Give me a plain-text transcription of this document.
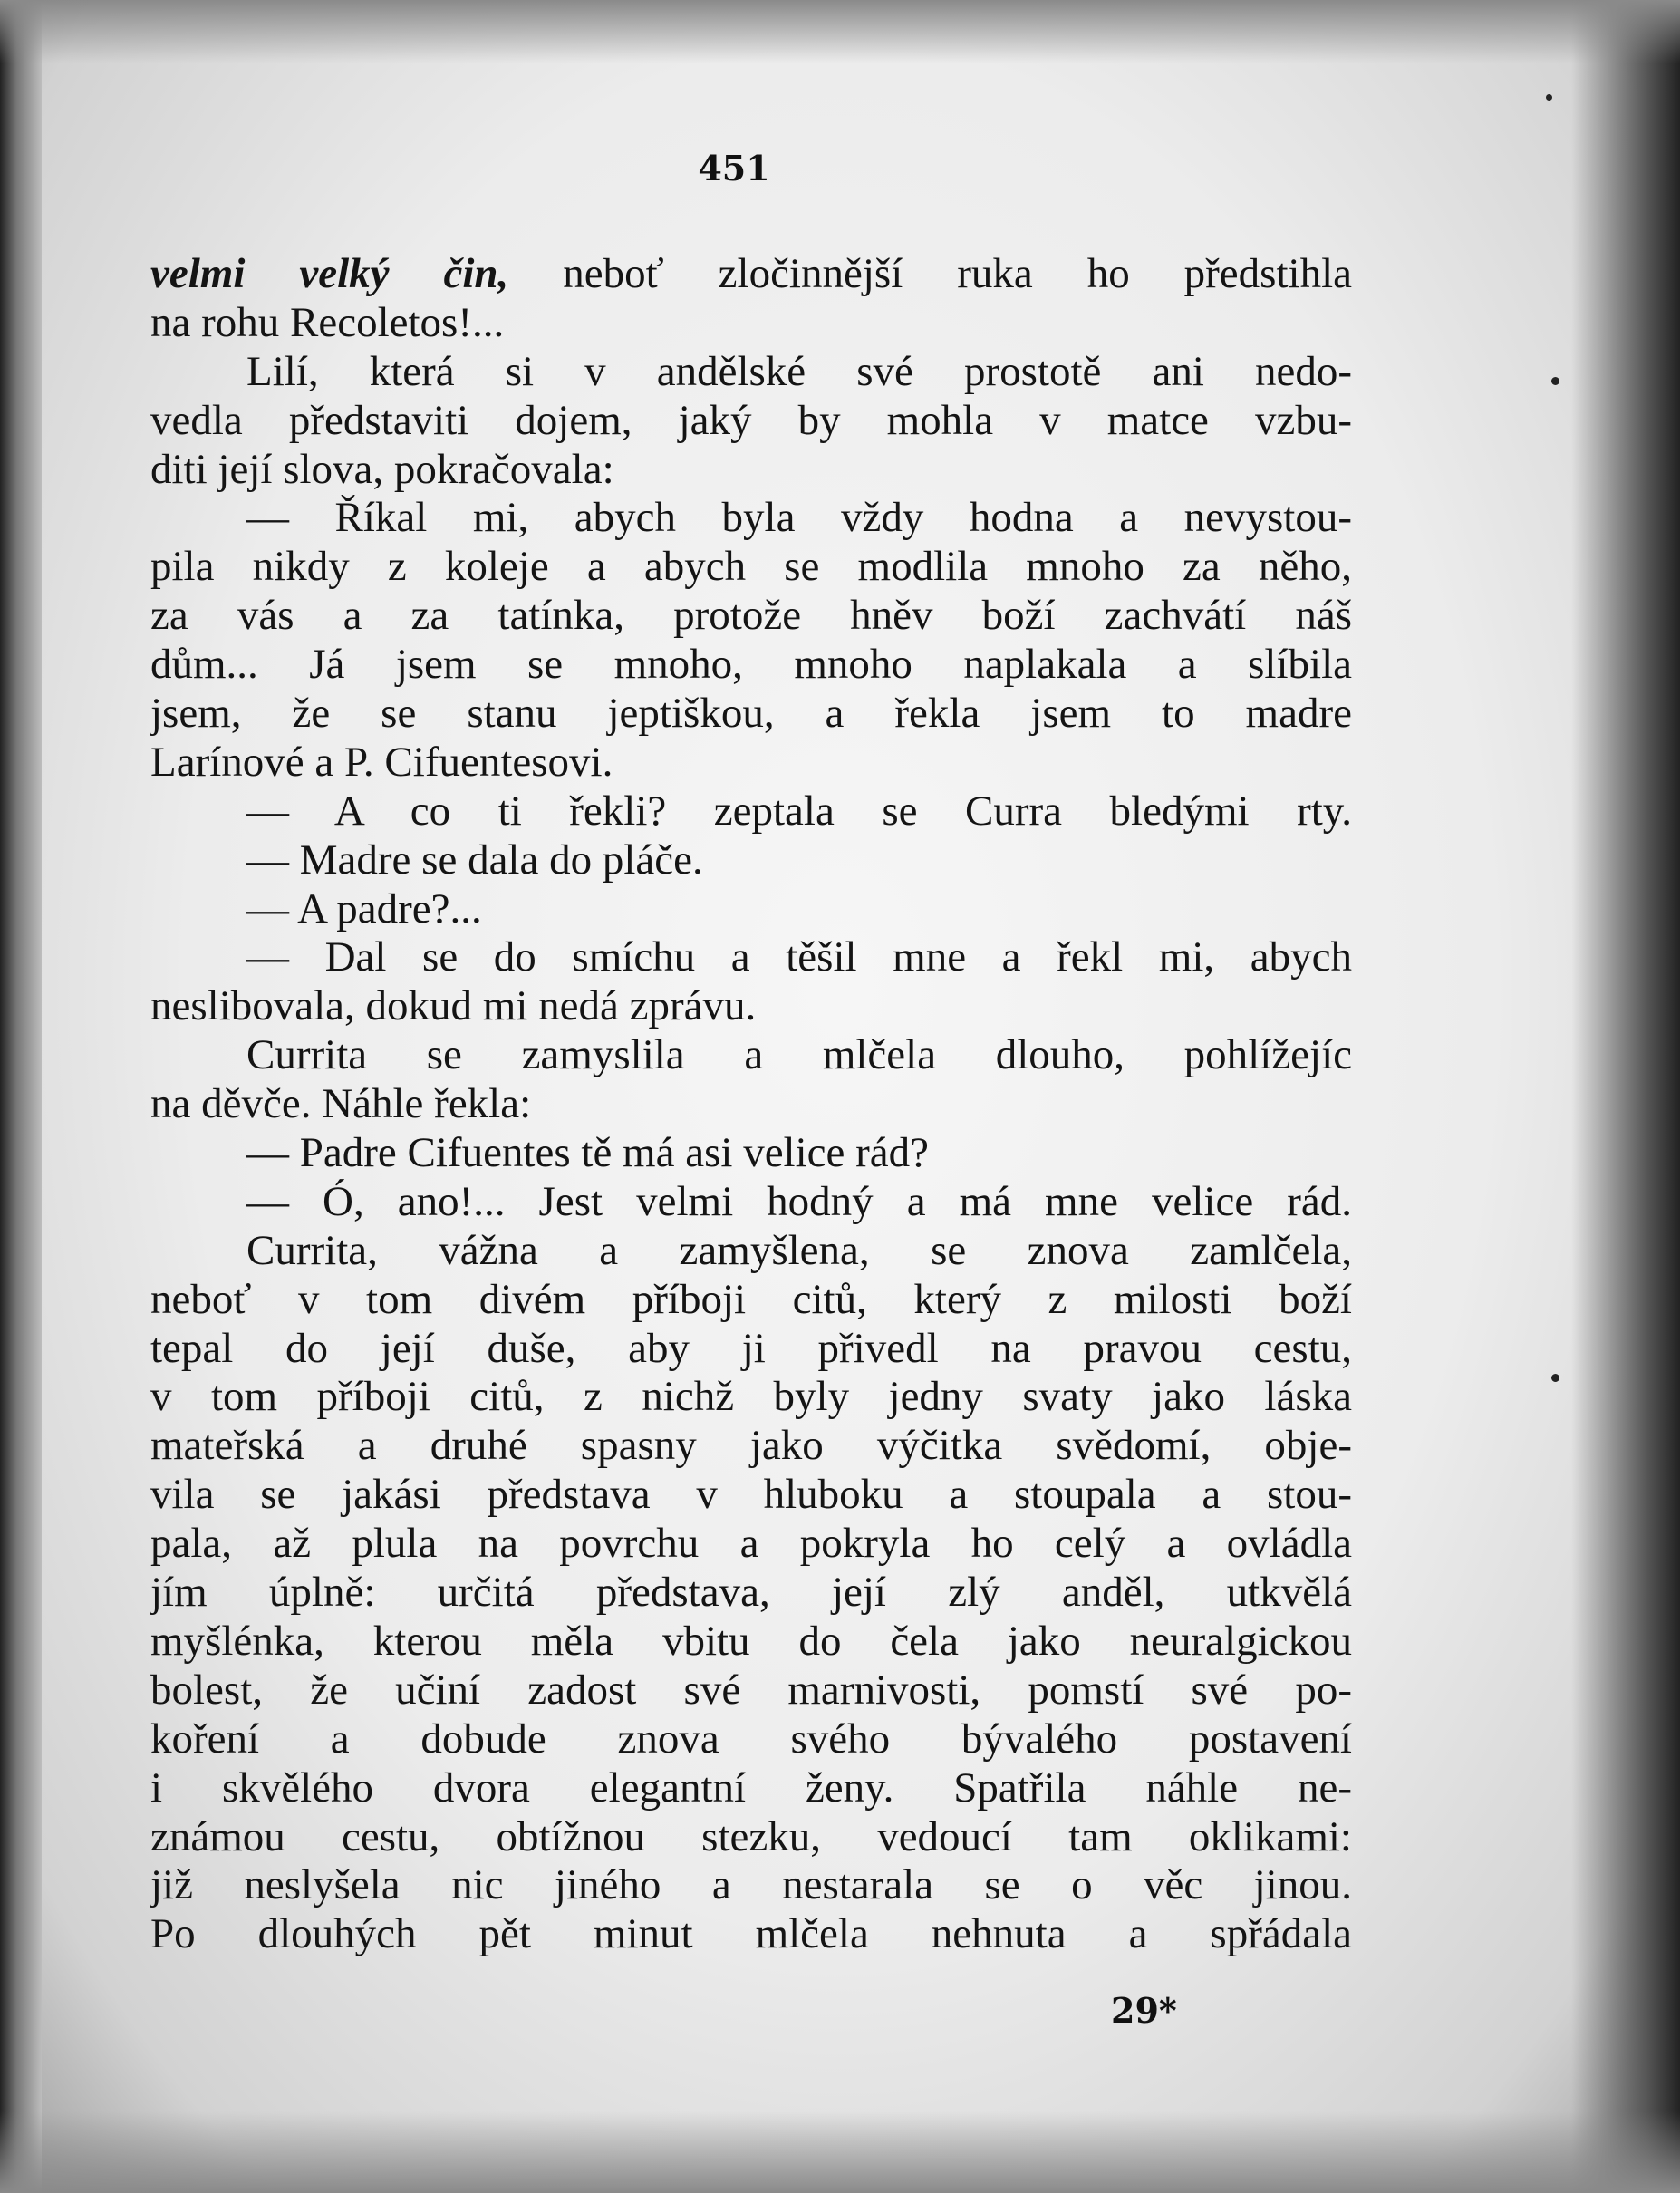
451
velmi velký čin, neboť zločinnější ruka ho předstihla
na rohu Recoletos!...
Lilí, která si v andělské své prostotě ani nedo-
vedla představiti dojem, jaký by mohla v matce vzbu-
diti její slova, pokračovala:
— Říkal mi, abych byla vždy hodna a nevystou-
pila nikdy z koleje a abych se modlila mnoho za něho,
za vás a za tatínka, protože hněv boží zachvátí náš
dům... Já jsem se mnoho, mnoho naplakala a slíbila
jsem, že se stanu jeptiškou, a řekla jsem to madre
Larínové a P. Cifuentesovi.
— A co ti řekli? zeptala se Curra bledými rty.
— Madre se dala do pláče.
— A padre?...
— Dal se do smíchu a těšil mne a řekl mi, abych
neslibovala, dokud mi nedá zprávu.
Currita se zamyslila a mlčela dlouho, pohlížejíc
na děvče. Náhle řekla:
— Padre Cifuentes tě má asi velice rád?
— Ó, ano!... Jest velmi hodný a má mne velice rád.
Currita, vážna a zamyšlena, se znova zamlčela,
neboť v tom divém příboji citů, který z milosti boží
tepal do její duše, aby ji přivedl na pravou cestu,
v tom příboji citů, z nichž byly jedny svaty jako láska
mateřská a druhé spasny jako výčitka svědomí, obje-
vila se jakási představa v hluboku a stoupala a stou-
pala, až plula na povrchu a pokryla ho celý a ovládla
jím úplně: určitá představa, její zlý anděl, utkvělá
myšlénka, kterou měla vbitu do čela jako neuralgickou
bolest, že učiní zadost své marnivosti, pomstí své po-
koření a dobude znova svého bývalého postavení
i skvělého dvora elegantní ženy. Spatřila náhle ne-
známou cestu, obtížnou stezku, vedoucí tam oklikami:
již neslyšela nic jiného a nestarala se o věc jinou.
Po dlouhých pět minut mlčela nehnuta a spřádala
29*
